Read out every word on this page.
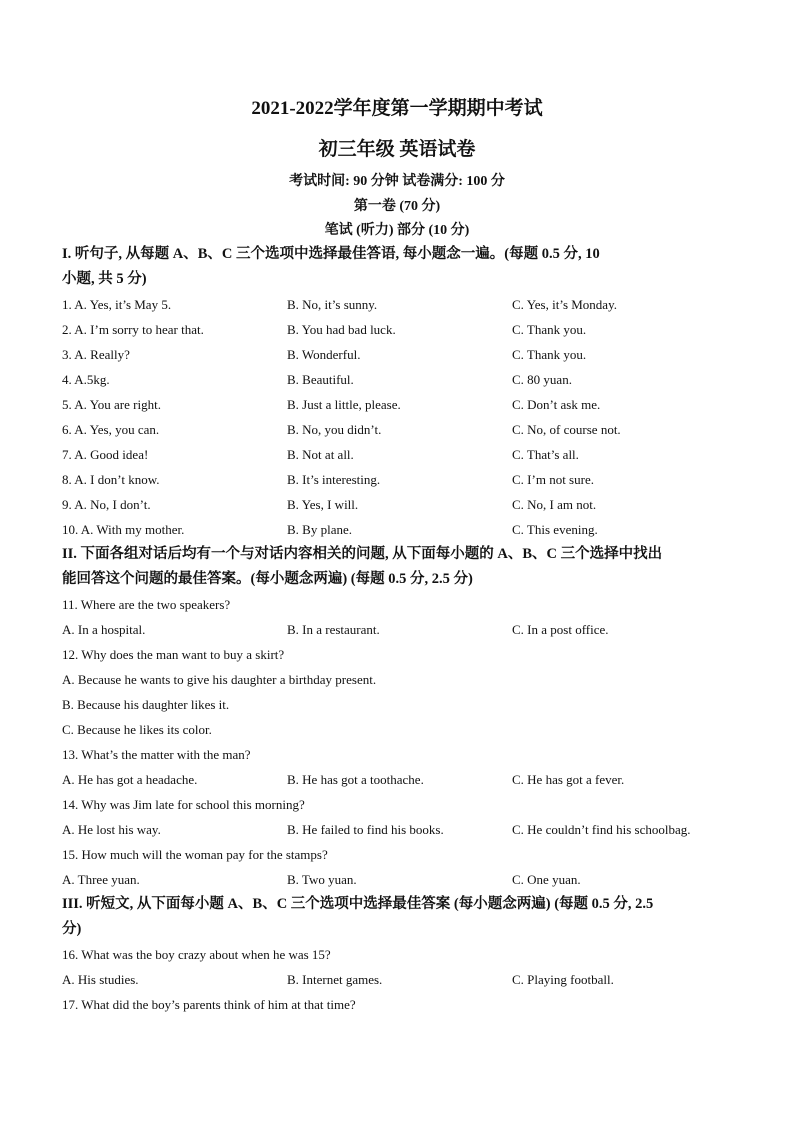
2021-2022学年度第一学期期中考试
初三年级 英语试卷
考试时间: 90 分钟 试卷满分: 100 分
第一卷 (70 分)
笔试 (听力) 部分 (10 分)
I. 听句子, 从每题 A、B、C 三个选项中选择最佳答语, 每小题念一遍。(每题 0.5 分, 10
小题, 共 5 分)
1. A. Yes, it’s May 5.	B. No, it’s sunny.	C. Yes, it’s Monday.
2. A. I’m sorry to hear that.	B. You had bad luck.	C. Thank you.
3. A. Really?	B. Wonderful.	C. Thank you.
4. A.5kg.	B. Beautiful.	C. 80 yuan.
5. A. You are right.	B. Just a little, please.	C. Don’t ask me.
6. A. Yes, you can.	B. No, you didn’t.	C. No, of course not.
7. A. Good idea!	B. Not at all.	C. That’s all.
8. A. I don’t know.	B. It’s interesting.	C. I’m not sure.
9. A. No, I don’t.	B. Yes, I will.	C. No, I am not.
10. A. With my mother.	B. By plane.	C. This evening.
II. 下面各组对话后均有一个与对话内容相关的问题, 从下面每小题的 A、B、C 三个选择中找出
能回答这个问题的最佳答案。(每小题念两遍) (每题 0.5 分, 2.5 分)
11. Where are the two speakers?
A. In a hospital.	B. In a restaurant.	C. In a post office.
12. Why does the man want to buy a skirt?
A. Because he wants to give his daughter a birthday present.
B. Because his daughter likes it.
C. Because he likes its color.
13. What’s the matter with the man?
A. He has got a headache.	B. He has got a toothache.	C. He has got a fever.
14. Why was Jim late for school this morning?
A. He lost his way.	B. He failed to find his books.	C. He couldn’t find his schoolbag.
15. How much will the woman pay for the stamps?
A. Three yuan.	B. Two yuan.	C. One yuan.
III. 听短文, 从下面每小题 A、B、C 三个选项中选择最佳答案 (每小题念两遍) (每题 0.5 分, 2.5
分)
16. What was the boy crazy about when he was 15?
A. His studies.	B. Internet games.	C. Playing football.
17. What did the boy’s parents think of him at that time?
